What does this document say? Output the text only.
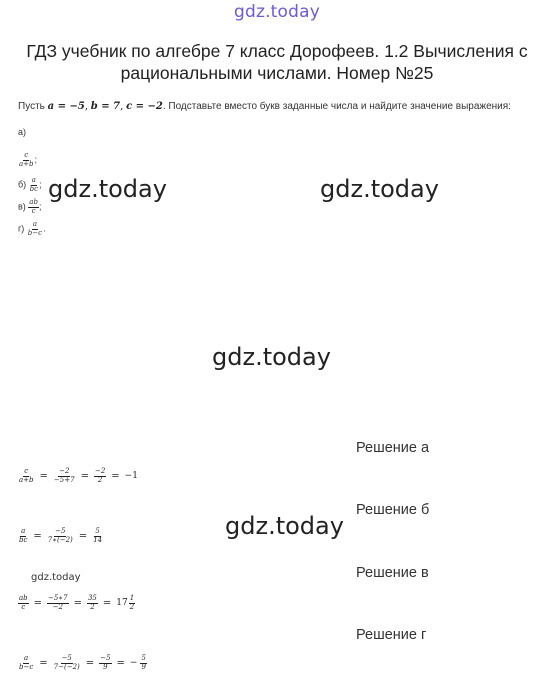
gdz.today
ГДЗ учебник по алгебре 7 класс Дорофеев. 1.2 Вычисления с рациональными числами. Номер №25
Пусть a = −5, b = 7, c = −2. Подставьте вместо букв заданные числа и найдите значение выражения:
а)
$\frac{c}{a+b}$ ;
$б) \frac{a}{bc}$ ;
$в) \frac{ab}{c}$ ;
$г) \frac{a}{b-c}$ .
gdz.today	gdz.today
gdz.today
gdz.today
gdz.today
Решение а
$\frac{c}{a+b} = \frac{-2}{-5+7} = \frac{-2}{2} = -1$
Решение б
$\frac{a}{bc} = \frac{-5}{7∗(-2)} = \frac{5}{14}$
Решение в
$\frac{ab}{c} = \frac{-5∗7}{-2} = \frac{35}{2} = 17 \frac{1}{2}$
Решение г
$\frac{a}{b-c} = \frac{-5}{7-(-2)} = \frac{-5}{9}$ = − $\frac{5}{9}$
